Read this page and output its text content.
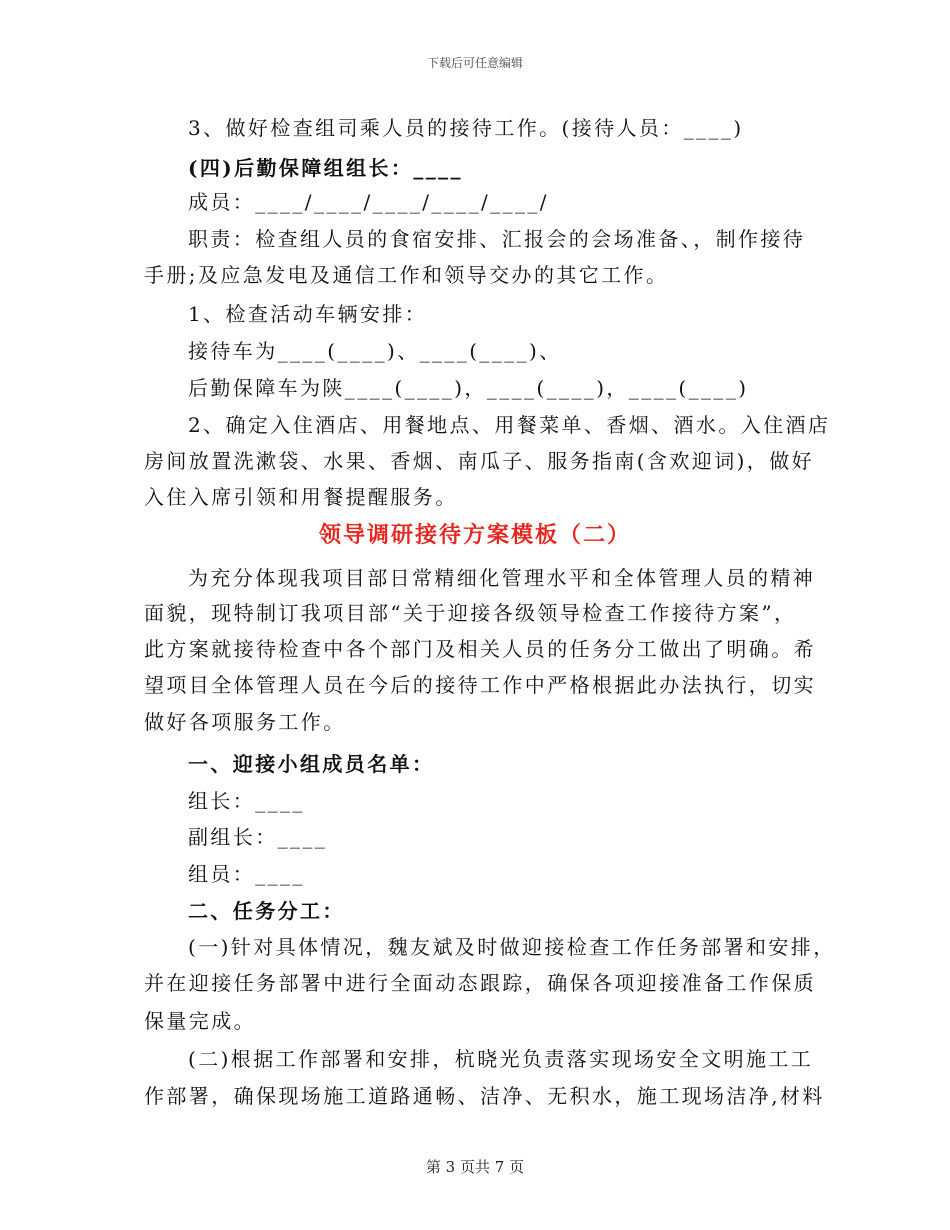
下载后可任意编辑
3、做好检查组司乘人员的接待工作。(接待人员：____)
(四)后勤保障组组长：____
成员：____/____/____/____/____/
职责：检查组人员的食宿安排、汇报会的会场准备、，制作接待
手册;及应急发电及通信工作和领导交办的其它工作。
1、检查活动车辆安排：
接待车为____(____)、____(____)、
后勤保障车为陕____(____)，____(____)，____(____)
2、确定入住酒店、用餐地点、用餐菜单、香烟、酒水。入住酒店
房间放置洗漱袋、水果、香烟、南瓜子、服务指南(含欢迎词)，做好
入住入席引领和用餐提醒服务。
领导调研接待方案模板（二）
为充分体现我项目部日常精细化管理水平和全体管理人员的精神
面貌，现特制订我项目部“关于迎接各级领导检查工作接待方案”，
此方案就接待检查中各个部门及相关人员的任务分工做出了明确。希
望项目全体管理人员在今后的接待工作中严格根据此办法执行，切实
做好各项服务工作。
一、迎接小组成员名单：
组长：____
副组长：____
组员：____
二、任务分工：
(一)针对具体情况，魏友斌及时做迎接检查工作任务部署和安排，
并在迎接任务部署中进行全面动态跟踪，确保各项迎接准备工作保质
保量完成。
(二)根据工作部署和安排，杭晓光负责落实现场安全文明施工工
作部署，确保现场施工道路通畅、洁净、无积水，施工现场洁净,材料
第 3 页共 7 页
